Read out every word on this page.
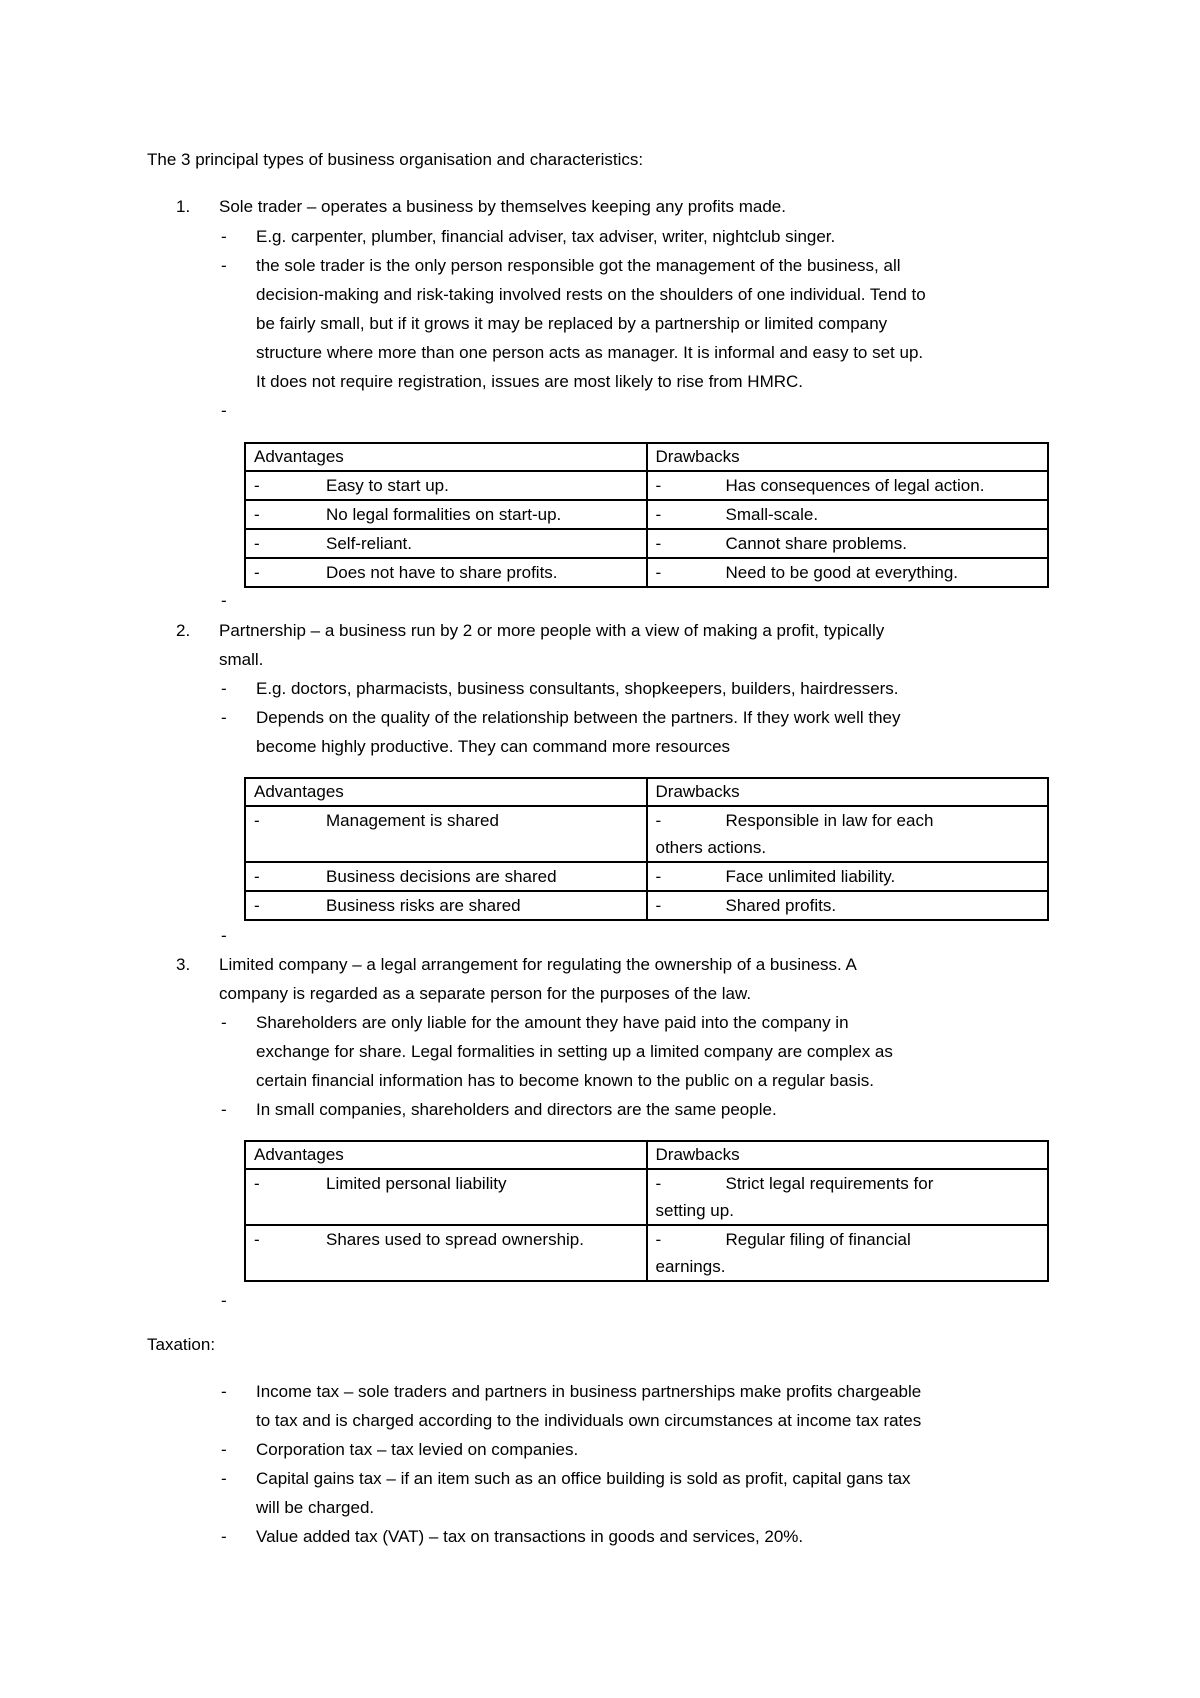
The 3 principal types of business organisation and characteristics:
1. Sole trader – operates a business by themselves keeping any profits made.
- E.g. carpenter, plumber, financial adviser, tax adviser, writer, nightclub singer.
- the sole trader is the only person responsible got the management of the business, all
decision-making and risk-taking involved rests on the shoulders of one individual. Tend to
be fairly small, but if it grows it may be replaced by a partnership or limited company
structure where more than one person acts as manager. It is informal and easy to set up.
It does not require registration, issues are most likely to rise from HMRC.
-
Advantages	Drawbacks
- Easy to start up.	- Has consequences of legal action.
- No legal formalities on start-up.	- Small-scale.
- Self-reliant.	- Cannot share problems.
- Does not have to share profits.	- Need to be good at everything.
-
2. Partnership – a business run by 2 or more people with a view of making a profit, typically
small.
- E.g. doctors, pharmacists, business consultants, shopkeepers, builders, hairdressers.
- Depends on the quality of the relationship between the partners. If they work well they
become highly productive. They can command more resources
Advantages	Drawbacks
- Management is shared	- Responsible in law for each
others actions.
- Business decisions are shared	- Face unlimited liability.
- Business risks are shared	- Shared profits.
-
3. Limited company – a legal arrangement for regulating the ownership of a business. A
company is regarded as a separate person for the purposes of the law.
- Shareholders are only liable for the amount they have paid into the company in
exchange for share. Legal formalities in setting up a limited company are complex as
certain financial information has to become known to the public on a regular basis.
- In small companies, shareholders and directors are the same people.
Advantages	Drawbacks
- Limited personal liability	- Strict legal requirements for
setting up.
- Shares used to spread ownership.	- Regular filing of financial
earnings.
-
Taxation:
- Income tax – sole traders and partners in business partnerships make profits chargeable
to tax and is charged according to the individuals own circumstances at income tax rates
- Corporation tax – tax levied on companies.
- Capital gains tax – if an item such as an office building is sold as profit, capital gans tax
will be charged.
- Value added tax (VAT) – tax on transactions in goods and services, 20%.
